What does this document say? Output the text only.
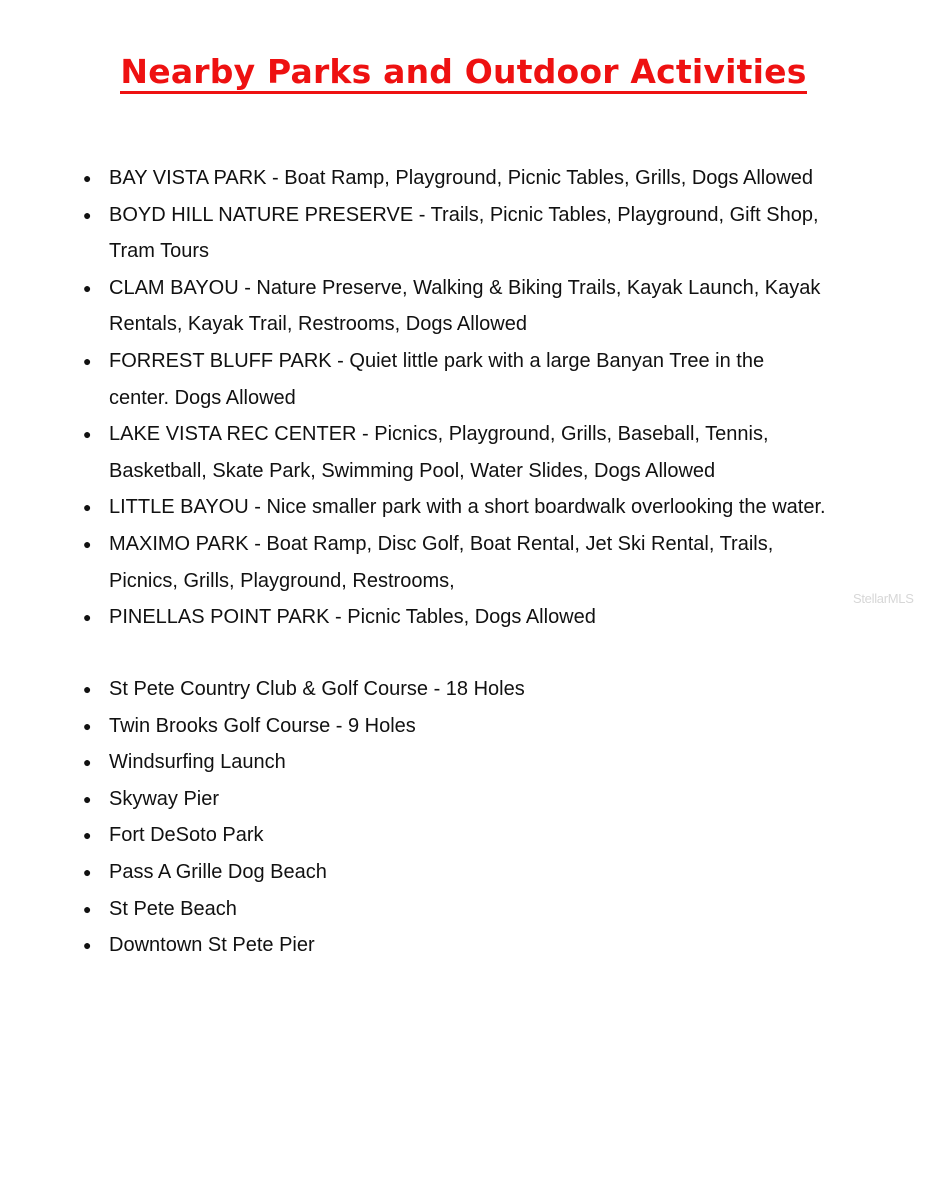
Nearby Parks and Outdoor Activities
● BAY VISTA PARK - Boat Ramp, Playground, Picnic Tables, Grills, Dogs Allowed
● BOYD HILL NATURE PRESERVE - Trails, Picnic Tables, Playground, Gift Shop, Tram Tours
● CLAM BAYOU - Nature Preserve, Walking & Biking Trails, Kayak Launch, Kayak Rentals, Kayak Trail, Restrooms, Dogs Allowed
● FORREST BLUFF PARK - Quiet little park with a large Banyan Tree in the center. Dogs Allowed
● LAKE VISTA REC CENTER - Picnics, Playground, Grills, Baseball, Tennis, Basketball, Skate Park, Swimming Pool, Water Slides, Dogs Allowed
● LITTLE BAYOU - Nice smaller park with a short boardwalk overlooking the water.
● MAXIMO PARK - Boat Ramp, Disc Golf, Boat Rental, Jet Ski Rental, Trails, Picnics, Grills, Playground, Restrooms,
● PINELLAS POINT PARK - Picnic Tables, Dogs Allowed
● St Pete Country Club & Golf Course - 18 Holes
● Twin Brooks Golf Course - 9 Holes
● Windsurfing Launch
● Skyway Pier
● Fort DeSoto Park
● Pass A Grille Dog Beach
● St Pete Beach
● Downtown St Pete Pier
StellarMLS
